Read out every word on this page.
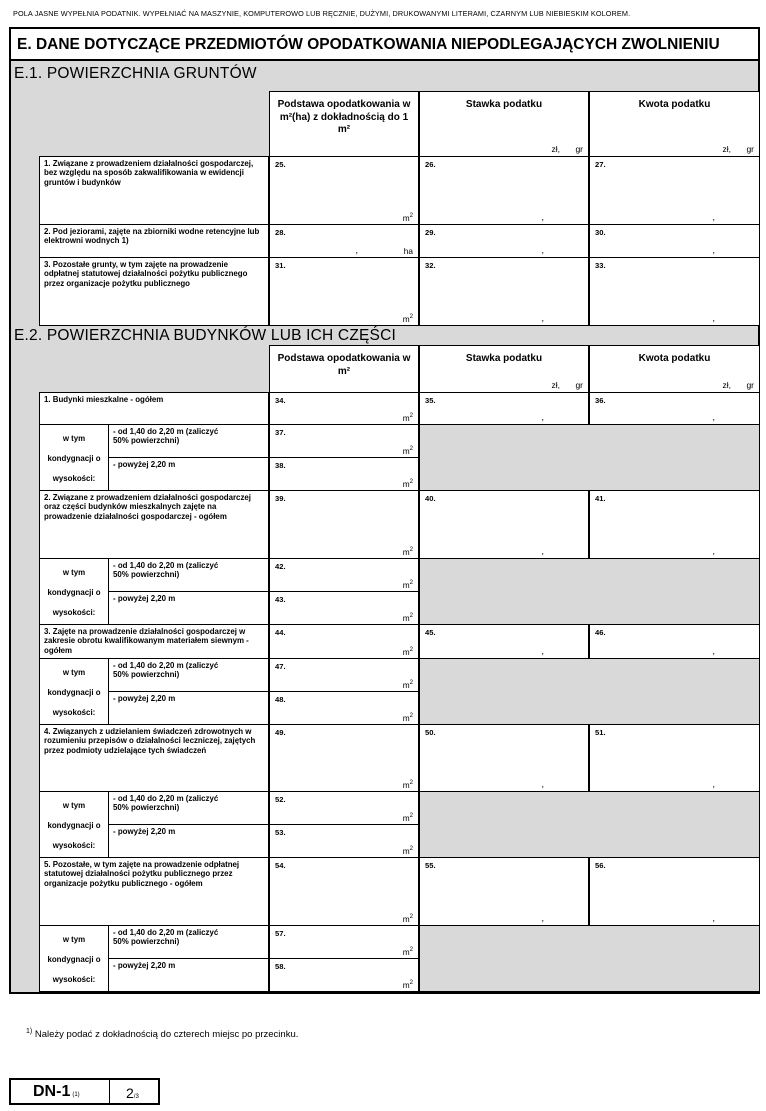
POLA JASNE WYPEŁNIA PODATNIK. WYPEŁNIAĆ NA MASZYNIE, KOMPUTEROWO LUB RĘCZNIE, DUŻYMI, DRUKOWANYMI LITERAMI, CZARNYM LUB NIEBIESKIM KOLOREM.
E. DANE DOTYCZĄCE PRZEDMIOTÓW OPODATKOWANIA NIEPODLEGAJĄCYCH ZWOLNIENIU
E.1. POWIERZCHNIA GRUNTÓW
E.2. POWIERZCHNIA BUDYNKÓW LUB ICH CZĘŚCI
Podstawa opodatkowania w m²(ha) z dokładnością do 1 m²
Stawka podatku
zł, gr
Kwota podatku
zł, gr
1. Związane z prowadzeniem działalności gospodarczej, bez względu na sposób zakwalifikowania w ewidencji gruntów i budynków
25.
$m^2$
26.
,
27.
,
2. Pod jeziorami, zajęte na zbiorniki wodne retencyjne lub elektrowni wodnych 1)
28.
ha
,
29.
,
30.
,
3. Pozostałe grunty, w tym zajęte na prowadzenie odpłatnej statutowej działalności pożytku publicznego przez organizacje pożytku publicznego
31.
$m^2$
32.
,
33.
,
Podstawa opodatkowania w m²
Stawka podatku
zł, gr
Kwota podatku
zł, gr
1. Budynki mieszkalne - ogółem	34.
$m^2$
35.
,
36.
,
w tym kondygnacji o wysokości:
- od 1,40 do 2,20 m (zaliczyć 50% powierzchni)
- powyżej 2,20 m
37.
$m^2$
38.
$m^2$
2. Związane z prowadzeniem działalności gospodarczej oraz części budynków mieszkalnych zajęte na prowadzenie działalności gospodarczej - ogółem
39.
$m^2$
40.
,
41.
,
w tym kondygnacji o wysokości:
- od 1,40 do 2,20 m (zaliczyć 50% powierzchni)
- powyżej 2,20 m
42.
$m^2$
43.
$m^2$
3. Zajęte na prowadzenie działalności gospodarczej w zakresie obrotu kwalifikowanym materiałem siewnym - ogółem
44.
$m^2$
45.
,
46.
,
w tym kondygnacji o wysokości:
- od 1,40 do 2,20 m (zaliczyć 50% powierzchni)
- powyżej 2,20 m
47.
$m^2$
48.
$m^2$
4. Związanych z udzielaniem świadczeń zdrowotnych w rozumieniu przepisów o działalności leczniczej, zajętych przez podmioty udzielające tych świadczeń
49.
$m^2$
50.
,
51.
,
w tym kondygnacji o wysokości:
- od 1,40 do 2,20 m (zaliczyć 50% powierzchni)
- powyżej 2,20 m
52.
$m^2$
53.
$m^2$
5. Pozostałe, w tym zajęte na prowadzenie odpłatnej statutowej działalności pożytku publicznego przez organizacje pożytku publicznego - ogółem
54.
$m^2$
55.
,
56.
,
w tym kondygnacji o wysokości:
- od 1,40 do 2,20 m (zaliczyć 50% powierzchni)
- powyżej 2,20 m
57.
$m^2$
58.
$m^2$
$^{1)}$ Należy podać z dokładnością do czterech miejsc po przecinku.
DN-1 (1)	2/3
